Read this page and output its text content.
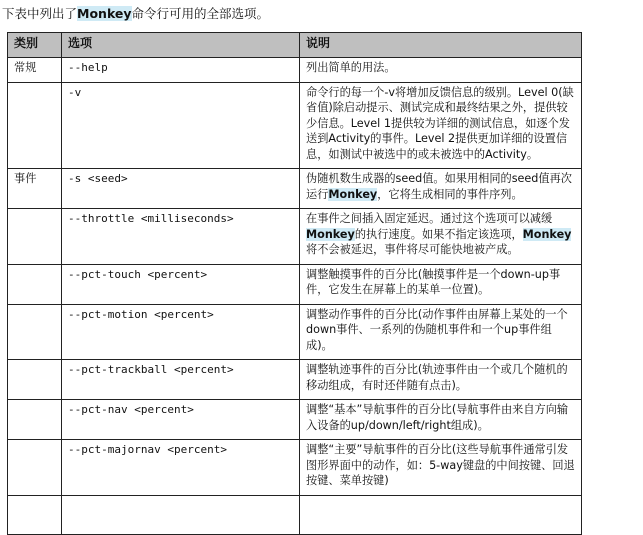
下表中列出了Monkey命令行可用的全部选项。
类别	选项	说明
常规	--help	列出简单的用法。
	-v	命令行的每一个-v将增加反馈信息的级别。Level 0(缺省值)除启动提示、测试完成和最终结果之外，提供较少信息。Level 1提供较为详细的测试信息，如逐个发送到Activity的事件。Level 2提供更加详细的设置信息，如测试中被选中的或未被选中的Activity。
事件	-s <seed>	伪随机数生成器的seed值。如果用相同的seed值再次运行Monkey，它将生成相同的事件序列。
	--throttle <milliseconds>	在事件之间插入固定延迟。通过这个选项可以减缓Monkey的执行速度。如果不指定该选项，Monkey将不会被延迟，事件将尽可能快地被产成。
	--pct-touch <percent>	调整触摸事件的百分比(触摸事件是一个down-up事件，它发生在屏幕上的某单一位置)。
	--pct-motion <percent>	调整动作事件的百分比(动作事件由屏幕上某处的一个down事件、一系列的伪随机事件和一个up事件组成)。
	--pct-trackball <percent>	调整轨迹事件的百分比(轨迹事件由一个或几个随机的移动组成，有时还伴随有点击)。
	--pct-nav <percent>	调整“基本”导航事件的百分比(导航事件由来自方向输入设备的up/down/left/right组成)。
	--pct-majornav <percent>	调整“主要”导航事件的百分比(这些导航事件通常引发图形界面中的动作，如：5-way键盘的中间按键、回退按键、菜单按键)
